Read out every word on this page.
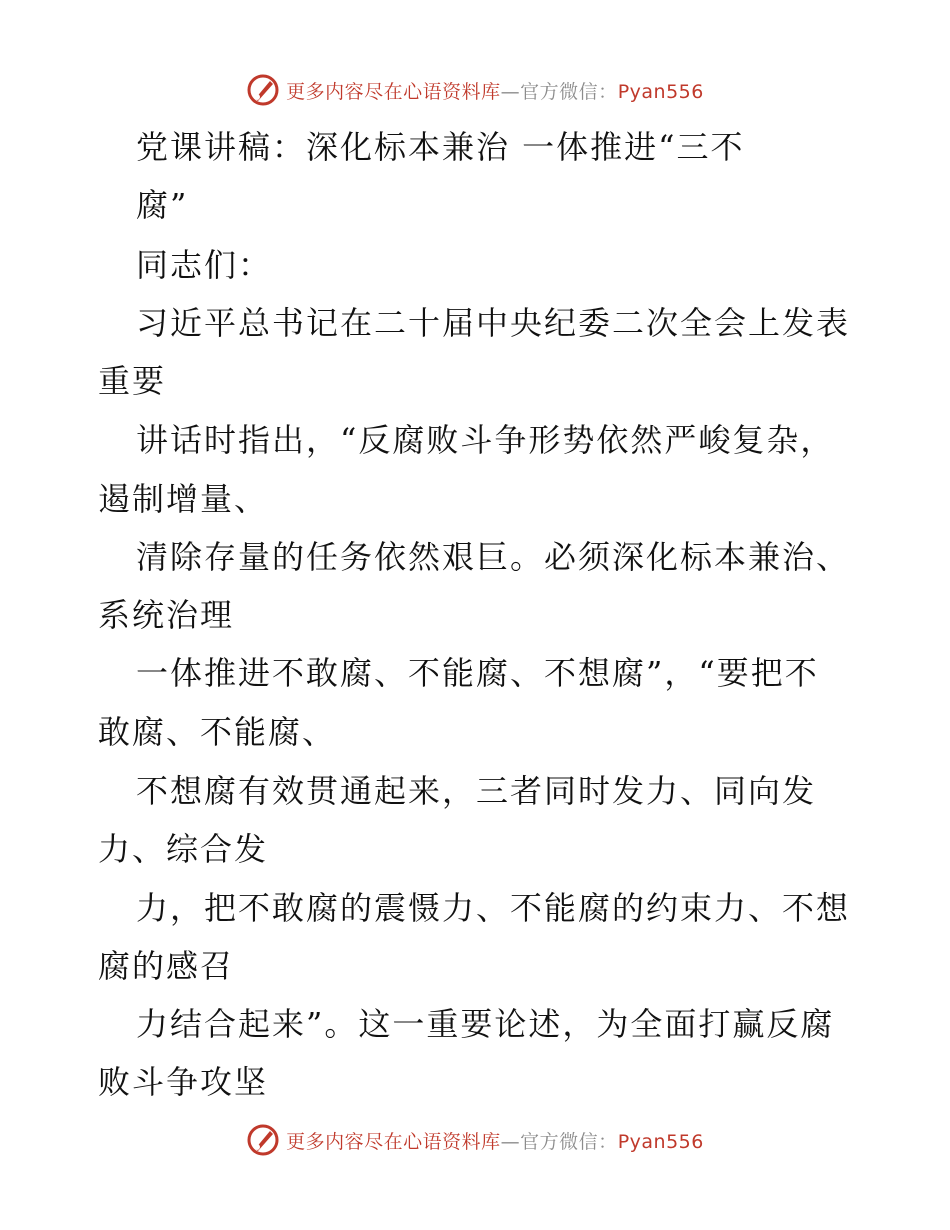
更多内容尽在心语资料库—官方微信：Pyan556
党课讲稿：深化标本兼治 一体推进“三不
腐”
同志们：
习近平总书记在二十届中央纪委二次全会上发表
重要
讲话时指出，“反腐败斗争形势依然严峻复杂，
遏制增量、
清除存量的任务依然艰巨。必须深化标本兼治、
系统治理
一体推进不敢腐、不能腐、不想腐”，“要把不
敢腐、不能腐、
不想腐有效贯通起来，三者同时发力、同向发
力、综合发
力，把不敢腐的震慑力、不能腐的约束力、不想
腐的感召
力结合起来”。这一重要论述，为全面打赢反腐
败斗争攻坚
更多内容尽在心语资料库—官方微信：Pyan556
